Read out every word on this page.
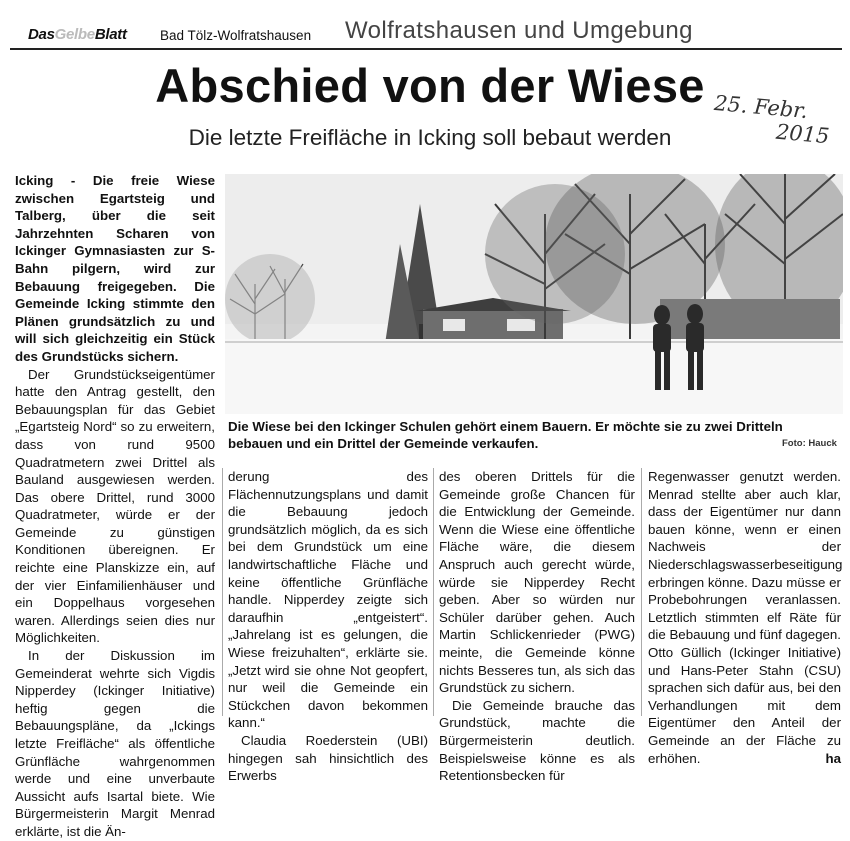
DasGelbeBlatt Bad Tölz-Wolfratshausen Wolfratshausen und Umgebung
Abschied von der Wiese
Die letzte Freifläche in Icking soll bebaut werden
25. Febr.
2015

Icking - Die freie Wiese zwischen Egartsteig und Talberg, über die seit Jahrzehnten Scharen von Ickinger Gymnasiasten zur S-Bahn pilgern, wird zur Bebauung freigegeben. Die Gemeinde Icking stimmte den Plänen grundsätzlich zu und will sich gleichzeitig ein Stück des Grundstücks sichern.

Der Grundstückseigentümer hatte den Antrag gestellt, den Bebauungsplan für das Gebiet „Egartsteig Nord“ so zu erweitern, dass von rund 9500 Quadratmetern zwei Drittel als Bauland ausgewiesen werden. Das obere Drittel, rund 3000 Quadratmeter, würde er der Gemeinde zu günstigen Konditionen übereignen. Er reichte eine Planskizze ein, auf der vier Einfamilienhäuser und ein Doppelhaus vorgesehen waren. Allerdings seien dies nur Möglichkeiten.

In der Diskussion im Gemeinderat wehrte sich Vigdis Nipperdey (Ickinger Initiative) heftig gegen die Bebauungspläne, da „Ickings letzte Freifläche“ als öffentliche Grünfläche wahrgenommen werde und eine unverbaute Aussicht aufs Isartal biete. Wie Bürgermeisterin Margit Menrad erklärte, ist die Än-

Die Wiese bei den Ickinger Schulen gehört einem Bauern. Er möchte sie zu zwei Dritteln bebauen und ein Drittel der Gemeinde verkaufen.	Foto: Hauck

derung des Flächennutzungsplans und damit die Bebauung jedoch grundsätzlich möglich, da es sich bei dem Grundstück um eine landwirtschaftliche Fläche und keine öffentliche Grünfläche handle. Nipperdey zeigte sich daraufhin „entgeistert“. „Jahrelang ist es gelungen, die Wiese freizuhalten“, erklärte sie. „Jetzt wird sie ohne Not geopfert, nur weil die Gemeinde ein Stückchen davon bekommen kann.“

Claudia Roederstein (UBI) hingegen sah hinsichtlich des Erwerbs

des oberen Drittels für die Gemeinde große Chancen für die Entwicklung der Gemeinde. Wenn die Wiese eine öffentliche Fläche wäre, die diesem Anspruch auch gerecht würde, würde sie Nipperdey Recht geben. Aber so würden nur Schüler darüber gehen. Auch Martin Schlickenrieder (PWG) meinte, die Gemeinde könne nichts Besseres tun, als sich das Grundstück zu sichern.

Die Gemeinde brauche das Grundstück, machte die Bürgermeisterin deutlich. Beispielsweise könne es als Retentionsbecken für

Regenwasser genutzt werden. Menrad stellte aber auch klar, dass der Eigentümer nur dann bauen könne, wenn er einen Nachweis der Niederschlagswasserbeseitigung erbringen könne. Dazu müsse er Probebohrungen veranlassen. Letztlich stimmten elf Räte für die Bebauung und fünf dagegen. Otto Güllich (Ickinger Initiative) und Hans-Peter Stahn (CSU) sprachen sich dafür aus, bei den Verhandlungen mit dem Eigentümer den Anteil der Gemeinde an der Fläche zu erhöhen.	ha
